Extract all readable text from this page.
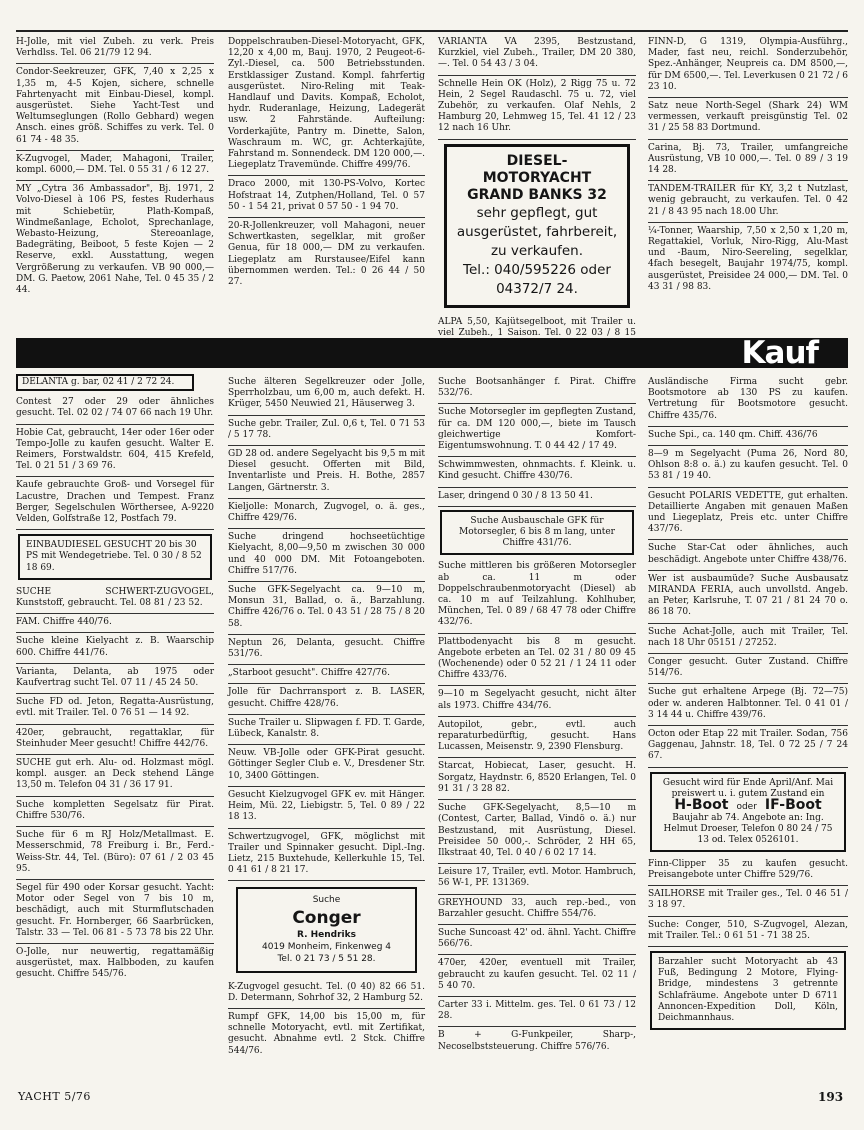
H-Jolle, mit viel Zubeh. zu verk. Preis Verhdlss. Tel. 06 21/79 12 94.
Condor-Seekreuzer, GFK, 7,40 x 2,25 x 1,35 m, 4-5 Kojen, sichere, schnelle Fahrtenyacht mit Einbau-Diesel, kompl. ausgerüstet. Siehe Yacht-Test und Weltumseglungen (Rollo Gebhard) wegen Ansch. eines größ. Schiffes zu verk. Tel. 0 61 74 - 48 35.
K-Zugvogel, Mader, Mahagoni, Trailer, kompl. 6000,— DM. Tel. 0 55 31 / 6 12 27.
MY „Cytra 36 Ambassador", Bj. 1971, 2 Volvo-Diesel à 106 PS, festes Ruderhaus mit Schiebetür, Plath-Kompaß, Windmeßanlage, Echolot, Sprechanlage, Webasto-Heizung, Stereoanlage, Badegräting, Beiboot, 5 feste Kojen — 2 Reserve, exkl. Ausstattung, wegen Vergrößerung zu verkaufen. VB 90 000,— DM. G. Paetow, 2061 Nahe, Tel. 0 45 35 / 2 44.
Doppelschrauben-Diesel-Motoryacht, GFK, 12,20 x 4,00 m, Bauj. 1970, 2 Peugeot-6-Zyl.-Diesel, ca. 500 Betriebsstunden. Erstklassiger Zustand. Kompl. fahrfertig ausgerüstet. Niro-Reling mit Teak-Handlauf und Davits. Kompaß, Echolot, hydr. Ruderanlage, Heizung, Ladegerät usw. 2 Fahrstände. Aufteilung: Vorderkajüte, Pantry m. Dinette, Salon, Waschraum m. WC, gr. Achterkajüte, Fahrstand m. Sonnendeck. DM 120 000,—. Liegeplatz Travemünde. Chiffre 499/76.
Draco 2000, mit 130-PS-Volvo, Kortec Hofstraat 14, Zutphen/Holland, Tel. 0 57 50 - 1 54 21, privat 0 57 50 - 1 94 70.
20-R-Jollenkreuzer, voll Mahagoni, neuer Schwertkasten, segelklar, mit großer Genua, für 18 000,— DM zu verkaufen. Liegeplatz am Rurstausee/Eifel kann übernommen werden. Tel.: 0 26 44 / 50 27.
VARIANTA VA 2395, Bestzustand, Kurzkiel, viel Zubeh., Trailer, DM 20 380,—. Tel. 0 54 43 / 3 04.
Schnelle Hein OK (Holz), 2 Rigg 75 u. 72 Hein, 2 Segel Raudaschl. 75 u. 72, viel Zubehör, zu verkaufen. Olaf Nehls, 2 Hamburg 20, Lehmweg 15, Tel. 41 12 / 23 12 nach 16 Uhr.
DIESEL-MOTORYACHT
GRAND BANKS 32
sehr gepflegt, gut ausgerüstet, fahrbereit, zu verkaufen.
Tel.: 040/595226 oder 04372/7 24.
ALPA 5,50, Kajütsegelboot, mit Trailer u. viel Zubeh., 1 Saison. Tel. 0 22 03 / 8 15
FINN-D, G 1319, Olympia-Ausführg., Mader, fast neu, reichl. Sonderzubehör, Spez.-Anhänger, Neupreis ca. DM 8500,—, für DM 6500,—. Tel. Leverkusen 0 21 72 / 6 23 10.
Satz neue North-Segel (Shark 24) WM vermessen, verkauft preisgünstig Tel. 02 31 / 25 58 83 Dortmund.
Carina, Bj. 73, Trailer, umfangreiche Ausrüstung, VB 10 000,—. Tel. 0 89 / 3 19 14 28.
TANDEM-TRAILER für KY, 3,2 t Nutzlast, wenig gebraucht, zu verkaufen. Tel. 0 42 21 / 8 43 95 nach 18.00 Uhr.
¼-Tonner, Waarship, 7,50 x 2,50 x 1,20 m, Regattakiel, Vorluk, Niro-Rigg, Alu-Mast und -Baum, Niro-Seereling, segelklar, 4fach besegelt, Baujahr 1974/75, kompl. ausgerüstet, Preisidee 24 000,— DM. Tel. 0 43 31 / 98 83.
Kauf
DELANTA g. bar, 02 41 / 2 72 24.
Contest 27 oder 29 oder ähnliches gesucht. Tel. 02 02 / 74 07 66 nach 19 Uhr.
Hobie Cat, gebraucht, 14er oder 16er oder Tempo-Jolle zu kaufen gesucht. Walter E. Reimers, Forstwaldstr. 604, 415 Krefeld, Tel. 0 21 51 / 3 69 76.
Kaufe gebrauchte Groß- und Vorsegel für Lacustre, Drachen und Tempest. Franz Berger, Segelschulen Wörthersee, A-9220 Velden, Golfstraße 12, Postfach 79.
EINBAUDIESEL GESUCHT 20 bis 30 PS mit Wendegetriebe. Tel. 0 30 / 8 52 18 69.
SUCHE SCHWERT-ZUGVOGEL, Kunststoff, gebraucht. Tel. 08 81 / 23 52.
FAM. Chiffre 440/76.
Suche kleine Kielyacht z. B. Waarschip 600. Chiffre 441/76.
Varianta, Delanta, ab 1975 oder Kaufvertrag sucht Tel. 07 11 / 45 24 50.
Suche FD od. Jeton, Regatta-Ausrüstung, evtl. mit Trailer. Tel. 0 76 51 — 14 92.
420er, gebraucht, regattaklar, für Steinhuder Meer gesucht! Chiffre 442/76.
SUCHE gut erh. Alu- od. Holzmast mögl. kompl. ausger. an Deck stehend Länge 13,50 m. Telefon 04 31 / 36 17 91.
Suche kompletten Segelsatz für Pirat. Chiffre 530/76.
Suche für 6 m RJ Holz/Metallmast. E. Messerschmid, 78 Freiburg i. Br., Ferd.-Weiss-Str. 44, Tel. (Büro): 07 61 / 2 03 45 95.
Segel für 490 oder Korsar gesucht. Yacht: Motor oder Segel von 7 bis 10 m, beschädigt, auch mit Sturmflutschaden gesucht. Fr. Hornberger, 66 Saarbrücken, Talstr. 33 — Tel. 06 81 - 5 73 78 bis 22 Uhr.
O-Jolle, nur neuwertig, regattamäßig ausgerüstet, max. Halbboden, zu kaufen gesucht. Chiffre 545/76.
Suche älteren Segelkreuzer oder Jolle, Sperrholzbau, um 6,00 m, auch defekt. H. Krüger, 5450 Neuwied 21, Häuserweg 3.
Suche gebr. Trailer, Zul. 0,6 t, Tel. 0 71 53 / 5 17 78.
GD 28 od. andere Segelyacht bis 9,5 m mit Diesel gesucht. Offerten mit Bild, Inventarliste und Preis. H. Bothe, 2857 Langen, Gärtnerstr. 3.
Kieljolle: Monarch, Zugvogel, o. ä. ges., Chiffre 429/76.
Suche dringend hochseetüchtige Kielyacht, 8,00—9,50 m zwischen 30 000 und 40 000 DM. Mit Fotoangeboten. Chiffre 517/76.
Suche GFK-Segelyacht ca. 9—10 m, Monsun 31, Ballad, o. ä., Barzahlung. Chiffre 426/76 o. Tel. 0 43 51 / 28 75 / 8 20 58.
Neptun 26, Delanta, gesucht. Chiffre 531/76.
„Starboot gesucht". Chiffre 427/76.
Jolle für Dachrransport z. B. LASER, gesucht. Chiffre 428/76.
Suche Trailer u. Slipwagen f. FD. T. Garde, Lübeck, Kanalstr. 8.
Neuw. VB-Jolle oder GFK-Pirat gesucht. Göttinger Segler Club e. V., Dresdener Str. 10, 3400 Göttingen.
Gesucht Kielzugvogel GFK ev. mit Hänger. Heim, Mü. 22, Liebigstr. 5, Tel. 0 89 / 22 18 13.
Schwertzugvogel, GFK, möglichst mit Trailer und Spinnaker gesucht. Dipl.-Ing. Lietz, 215 Buxtehude, Kellerkuhle 15, Tel. 0 41 61 / 8 21 17.
Suche
Conger
R. Hendriks
4019 Monheim, Finkenweg 4
Tel. 0 21 73 / 5 51 28.
K-Zugvogel gesucht. Tel. (0 40) 82 66 51. D. Determann, Sohrhof 32, 2 Hamburg 52.
Rumpf GFK, 14,00 bis 15,00 m, für schnelle Motoryacht, evtl. mit Zertifikat, gesucht. Abnahme evtl. 2 Stck. Chiffre 544/76.
Suche Bootsanhänger f. Pirat. Chiffre 532/76.
Suche Motorsegler im gepflegten Zustand, für ca. DM 120 000,—, biete im Tausch gleichwertige Komfort-Eigentumswohnung. T. 0 44 42 / 17 49.
Schwimmwesten, ohnmachts. f. Kleink. u. Kind gesucht. Chiffre 430/76.
Laser, dringend 0 30 / 8 13 50 41.
Suche Ausbauschale GFK für Motorsegler, 6 bis 8 m lang, unter Chiffre 431/76.
Suche mittleren bis größeren Motorsegler ab ca. 11 m oder Doppelschraubenmotoryacht (Diesel) ab ca. 10 m auf Teilzahlung. Kohlhuber, München, Tel. 0 89 / 68 47 78 oder Chiffre 432/76.
Plattbodenyacht bis 8 m gesucht. Angebote erbeten an Tel. 02 31 / 80 09 45 (Wochenende) oder 0 52 21 / 1 24 11 oder Chiffre 433/76.
9—10 m Segelyacht gesucht, nicht älter als 1973. Chiffre 434/76.
Autopilot, gebr., evtl. auch reparaturbedürftig, gesucht. Hans Lucassen, Meisenstr. 9, 2390 Flensburg.
Starcat, Hobiecat, Laser, gesucht. H. Sorgatz, Haydnstr. 6, 8520 Erlangen, Tel. 0 91 31 / 3 28 82.
Suche GFK-Segelyacht, 8,5—10 m (Contest, Carter, Ballad, Vindö o. ä.) nur Bestzustand, mit Ausrüstung, Diesel. Preisidee 50 000,-. Schröder, 2 HH 65, Ilkstraat 40, Tel. 0 40 / 6 02 17 14.
Leisure 17, Trailer, evtl. Motor. Hambruch, 56 W-1, PF. 131369.
GREYHOUND 33, auch rep.-bed., von Barzahler gesucht. Chiffre 554/76.
Suche Suncoast 42' od. ähnl. Yacht. Chiffre 566/76.
470er, 420er, eventuell mit Trailer, gebraucht zu kaufen gesucht. Tel. 02 11 / 5 40 70.
Carter 33 i. Mittelm. ges. Tel. 0 61 73 / 12 28.
B + G-Funkpeiler, Sharp-, Necoselbststeuerung. Chiffre 576/76.
Ausländische Firma sucht gebr. Bootsmotore ab 130 PS zu kaufen. Vertretung für Bootsmotore gesucht. Chiffre 435/76.
Suche Spi., ca. 140 qm. Chiff. 436/76
8—9 m Segelyacht (Puma 26, Nord 80, Ohlson 8:8 o. ä.) zu kaufen gesucht. Tel. 0 53 81 / 19 40.
Gesucht POLARIS VEDETTE, gut erhalten. Detaillierte Angaben mit genauen Maßen und Liegeplatz, Preis etc. unter Chiffre 437/76.
Suche Star-Cat oder ähnliches, auch beschädigt. Angebote unter Chiffre 438/76.
Wer ist ausbaumüde? Suche Ausbausatz MIRANDA FERIA, auch unvollstd. Angeb. an Peter, Karlsruhe, T. 07 21 / 81 24 70 o. 86 18 70.
Suche Achat-Jolle, auch mit Trailer, Tel. nach 18 Uhr 05151 / 27252.
Conger gesucht. Guter Zustand. Chiffre 514/76.
Suche gut erhaltene Arpege (Bj. 72—75) oder w. anderen Halbtonner. Tel. 0 41 01 / 3 14 44 u. Chiffre 439/76.
Octon oder Etap 22 mit Trailer. Sodan, 756 Gaggenau, Jahnstr. 18, Tel. 0 72 25 / 7 24 67.
Gesucht wird für Ende April/Anf. Mai preiswert u. i. gutem Zustand ein
H-Boot oder IF-Boot
Baujahr ab 74. Angebote an: Ing. Helmut Droeser, Telefon 0 80 24 / 75 13 od. Telex 0526101.
Finn-Clipper 35 zu kaufen gesucht. Preisangebote unter Chiffre 529/76.
SAILHORSE mit Trailer ges., Tel. 0 46 51 / 3 18 97.
Suche: Conger, 510, S-Zugvogel, Alezan, mit Trailer. Tel.: 0 61 51 - 71 38 25.
Barzahler sucht Motoryacht ab 43 Fuß, Bedingung 2 Motore, Flying-Bridge, mindestens 3 getrennte Schlafräume. Angebote unter D 6711 Annoncen-Expedition Doll, Köln, Deichmannhaus.
YACHT 5/76	193
